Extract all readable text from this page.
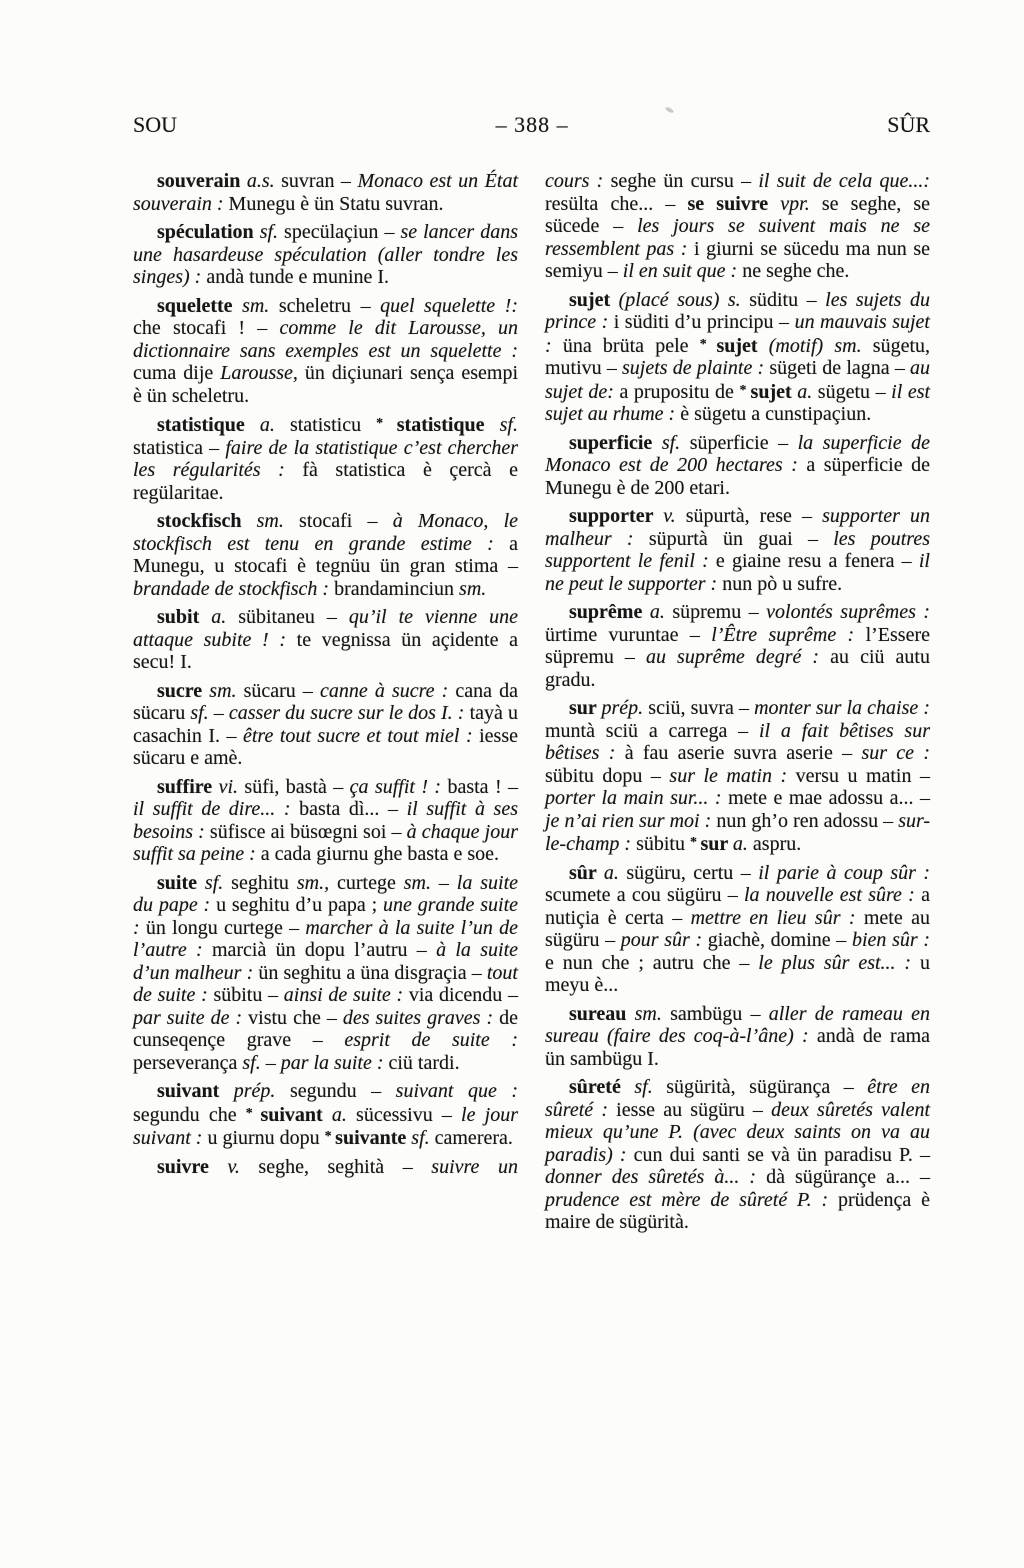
SOU	– 388 –	SÛR

souverain a.s. suvran – Monaco est un État souverain : Munegu è ün Statu suvran.

spéculation sf. specülaçiun – se lancer dans une hasardeuse spéculation (aller tondre les singes) : andà tunde e munine I.

squelette sm. scheletru – quel squelette !: che stocafi ! – comme le dit Larousse, un dictionnaire sans exemples est un squelette : cuma dije Larousse, ün diçiunari sença esempi è ün scheletru.

statistique a. statisticu * statistique sf. statistica – faire de la statistique c’est chercher les régularités : fà statistica è çercà e regülaritae.

stockfisch sm. stocafi – à Monaco, le stockfisch est tenu en grande estime : a Munegu, u stocafi è tegnüu ün gran stima – brandade de stockfisch : brandaminciun sm.

subit a. sübitaneu – qu’il te vienne une attaque subite ! : te vegnissa ün açidente a secu! I.

sucre sm. sücaru – canne à sucre : cana da sücaru sf. – casser du sucre sur le dos I. : tayà u casachin I. – être tout sucre et tout miel : iesse sücaru e amè.

suffire vi. süfi, bastà – ça suffit ! : basta ! – il suffit de dire... : basta dì... – il suffit à ses besoins : süfisce ai büsœgni soi – à chaque jour suffit sa peine : a cada giurnu ghe basta e soe.

suite sf. seghitu sm., curtege sm. – la suite du pape : u seghitu d’u papa ; une grande suite : ün longu curtege – marcher à la suite l’un de l’autre : marcià ün dopu l’autru – à la suite d’un malheur : ün seghitu a üna disgraçia – tout de suite : sübitu – ainsi de suite : via dicendu – par suite de : vistu che – des suites graves : de cunseqençe grave – esprit de suite : perseverança sf. – par la suite : ciü tardi.

suivant prép. segundu – suivant que : segundu che * suivant a. sücessivu – le jour suivant : u giurnu dopu * suivante sf. camerera.

suivre v. seghe, seghità – suivre un

cours : seghe ün cursu – il suit de cela que...: resülta che... – se suivre vpr. se seghe, se sücede – les jours se suivent mais ne se ressemblent pas : i giurni se sücedu ma nun se semiyu – il en suit que : ne seghe che.

sujet (placé sous) s. süditu – les sujets du prince : i süditi d’u principu – un mauvais sujet : üna brüta pele * sujet (motif) sm. sügetu, mutivu – sujets de plainte : sügeti de lagna – au sujet de: a prupositu de * sujet a. sügetu – il est sujet au rhume : è sügetu a cunstipaçiun.

superficie sf. süperficie – la superficie de Monaco est de 200 hectares : a süperficie de Munegu è de 200 etari.

supporter v. süpurtà, rese – supporter un malheur : süpurtà ün guai – les poutres supportent le fenil : e giaine resu a fenera – il ne peut le supporter : nun pò u sufre.

suprême a. süpremu – volontés suprêmes : ürtime vuruntae – l’Être suprême : l’Essere süpremu – au suprême degré : au ciü autu gradu.

sur prép. sciü, suvra – monter sur la chaise : muntà sciü a carrega – il a fait bêtises sur bêtises : à fau aserie suvra aserie – sur ce : sübitu dopu – sur le matin : versu u matin – porter la main sur... : mete e mae adossu a... – je n’ai rien sur moi : nun gh’o ren adossu – sur-le-champ : sübitu * sur a. aspru.

sûr a. sügüru, certu – il parie à coup sûr : scumete a cou sügüru – la nouvelle est sûre : a nutiçia è certa – mettre en lieu sûr : mete au sügüru – pour sûr : giachè, domine – bien sûr : e nun che ; autru che – le plus sûr est... : u meyu è...

sureau sm. sambügu – aller de rameau en sureau (faire des coq-à-l’âne) : andà de rama ün sambügu I.

sûreté sf. sügürità, sügürança – être en sûreté : iesse au sügüru – deux sûretés valent mieux qu’une P. (avec deux saints on va au paradis) : cun dui santi se và ün paradisu P. – donner des sûretés à... : dà sügürançe a... – prudence est mère de sûreté P. : prüdença è maire de sügürità.
